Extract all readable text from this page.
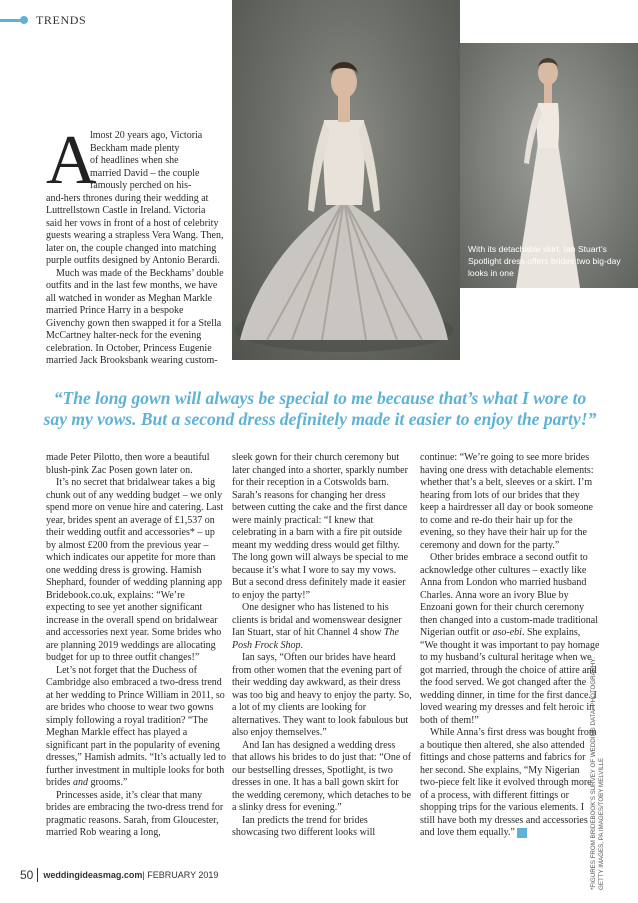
TRENDS
With its detachable skirt, Ian Stuart’s Spotlight dress offers brides two big-day looks in one
A

lmost 20 years ago, Victoria

Beckham made plenty

of headlines when she

married David – the couple

famously perched on his-

and-hers thrones during their wedding at Luttrellstown Castle in Ireland. Victoria said her vows in front of a host of celebrity guests wearing a strapless Vera Wang. Then, later on, the couple changed into matching purple outfits designed by Antonio Berardi.

Much was made of the Beckhams’ double outfits and in the last few months, we have all watched in wonder as Meghan Markle married Prince Harry in a bespoke Givenchy gown then swapped it for a Stella McCartney halter-neck for the evening celebration. In October, Princess Eugenie married Jack Brooksbank wearing custom-

“The long gown will always be special to me because that’s what I wore to say my vows. But a second dress definitely made it easier to enjoy the party!”

made Peter Pilotto, then wore a beautiful blush-pink Zac Posen gown later on.

It’s no secret that bridalwear takes a big chunk out of any wedding budget – we only spend more on venue hire and catering. Last year, brides spent an average of £1,537 on their wedding outfit and accessories* – up by almost £200 from the previous year – which indicates our appetite for more than one wedding dress is growing. Hamish Shephard, founder of wedding planning app Bridebook.co.uk, explains: “We’re expecting to see yet another significant increase in the overall spend on bridalwear and accessories next year. Some brides who are planning 2019 weddings are allocating budget for up to three outfit changes!”

Let’s not forget that the Duchess of Cambridge also embraced a two-dress trend at her wedding to Prince William in 2011, so are brides who choose to wear two gowns simply following a royal tradition? “The Meghan Markle effect has played a significant part in the popularity of evening dresses,” Hamish admits. “It’s actually led to further investment in multiple looks for both brides and grooms.”

Princesses aside, it’s clear that many brides are embracing the two-dress trend for pragmatic reasons. Sarah, from Gloucester, married Rob wearing a long,

sleek gown for their church ceremony but later changed into a shorter, sparkly number for their reception in a Cotswolds barn. Sarah’s reasons for changing her dress between cutting the cake and the first dance were mainly practical: “I knew that celebrating in a barn with a fire pit outside meant my wedding dress would get filthy. The long gown will always be special to me because it’s what I wore to say my vows. But a second dress definitely made it easier to enjoy the party!”

One designer who has listened to his clients is bridal and womenswear designer Ian Stuart, star of hit Channel 4 show The Posh Frock Shop.

Ian says, “Often our brides have heard from other women that the evening part of their wedding day awkward, as their dress was too big and heavy to enjoy the party. So, a lot of my clients are looking for alternatives. They want to look fabulous but also enjoy themselves.”

And Ian has designed a wedding dress that allows his brides to do just that: “One of our bestselling dresses, Spotlight, is two dresses in one. It has a ball gown skirt for the wedding ceremony, which detaches to be a slinky dress for evening.”

Ian predicts the trend for brides showcasing two different looks will

continue: “We’re going to see more brides having one dress with detachable elements: whether that’s a belt, sleeves or a skirt. I’m hearing from lots of our brides that they keep a hairdresser all day or book someone to come and re-do their hair up for the evening, so they have their hair up for the ceremony and down for the party.”

Other brides embrace a second outfit to acknowledge other cultures – exactly like Anna from London who married husband Charles. Anna wore an ivory Blue by Enzoani gown for their church ceremony then changed into a custom-made traditional Nigerian outfit or aso-ebi. She explains, “We thought it was important to pay homage to my husband’s cultural heritage when we got married, through the choice of attire and the food served. We got changed after the wedding dinner, in time for the first dance. I loved wearing my dresses and felt heroic in both of them!”

While Anna’s first dress was bought from a boutique then altered, she also attended fittings and chose patterns and fabrics for her second. She explains, “My Nigerian two-piece felt like it evolved through more of a process, with different fittings or shopping trips for the various elements. I still have both my dresses and accessories and love them equally.” W	*FIGURES FROM BRIDEBOOK’S SURVEY OF WEDDING DATA. PHOTOGRAPHY:
GETTY IMAGES, PA IMAGES/TOBY MELVILLE
50 weddingideasmag.com | FEBRUARY 2019
